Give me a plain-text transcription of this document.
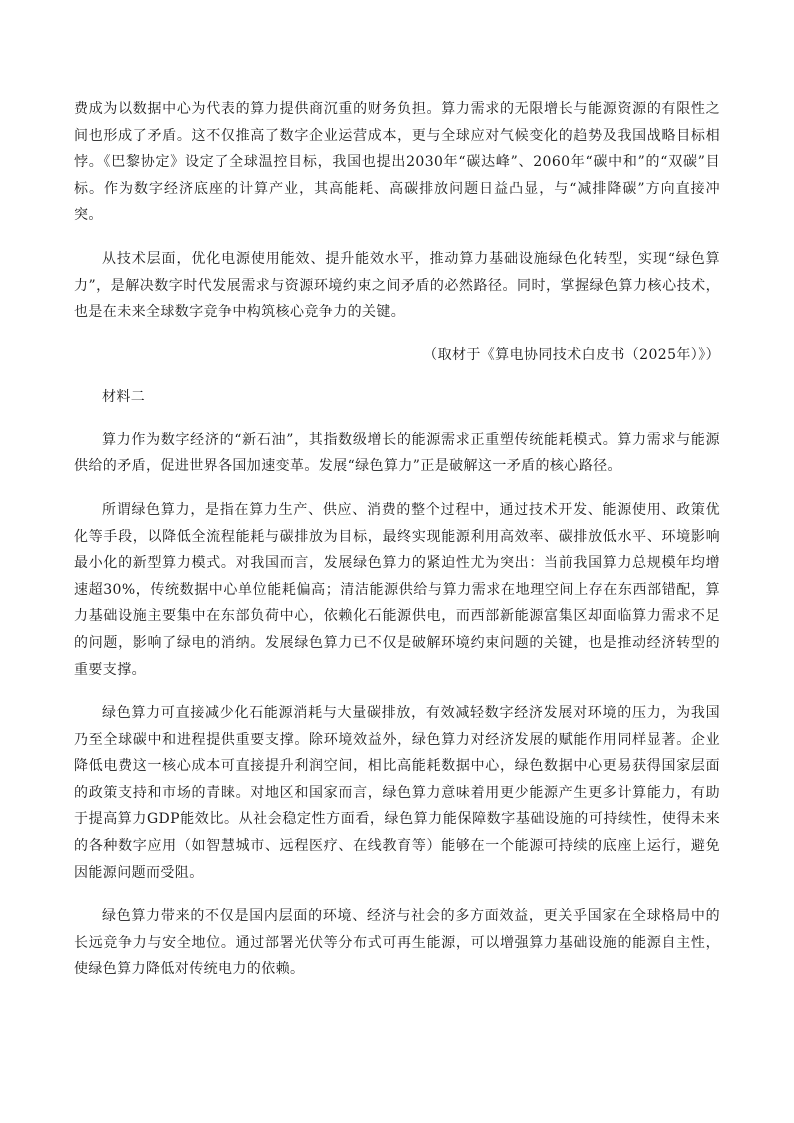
费成为以数据中心为代表的算力提供商沉重的财务负担。算力需求的无限增长与能源资源的有限性之间也形成了矛盾。这不仅推高了数字企业运营成本，更与全球应对气候变化的趋势及我国战略目标相悖。《巴黎协定》设定了全球温控目标，我国也提出2030年“碳达峰”、2060年“碳中和”的“双碳”目标。作为数字经济底座的计算产业，其高能耗、高碳排放问题日益凸显，与“减排降碳”方向直接冲突。

从技术层面，优化电源使用能效、提升能效水平，推动算力基础设施绿色化转型，实现“绿色算力”，是解决数字时代发展需求与资源环境约束之间矛盾的必然路径。同时，掌握绿色算力核心技术，也是在未来全球数字竞争中构筑核心竞争力的关键。

（取材于《算电协同技术白皮书（2025年）》）

材料二

算力作为数字经济的“新石油”，其指数级增长的能源需求正重塑传统能耗模式。算力需求与能源供给的矛盾，促进世界各国加速变革。发展“绿色算力”正是破解这一矛盾的核心路径。

所谓绿色算力，是指在算力生产、供应、消费的整个过程中，通过技术开发、能源使用、政策优化等手段，以降低全流程能耗与碳排放为目标，最终实现能源利用高效率、碳排放低水平、环境影响最小化的新型算力模式。对我国而言，发展绿色算力的紧迫性尤为突出：当前我国算力总规模年均增速超30%，传统数据中心单位能耗偏高；清洁能源供给与算力需求在地理空间上存在东西部错配，算力基础设施主要集中在东部负荷中心，依赖化石能源供电，而西部新能源富集区却面临算力需求不足的问题，影响了绿电的消纳。发展绿色算力已不仅是破解环境约束问题的关键，也是推动经济转型的重要支撑。

绿色算力可直接减少化石能源消耗与大量碳排放，有效减轻数字经济发展对环境的压力，为我国乃至全球碳中和进程提供重要支撑。除环境效益外，绿色算力对经济发展的赋能作用同样显著。企业降低电费这一核心成本可直接提升利润空间，相比高能耗数据中心，绿色数据中心更易获得国家层面的政策支持和市场的青睐。对地区和国家而言，绿色算力意味着用更少能源产生更多计算能力，有助于提高算力GDP能效比。从社会稳定性方面看，绿色算力能保障数字基础设施的可持续性，使得未来的各种数字应用（如智慧城市、远程医疗、在线教育等）能够在一个能源可持续的底座上运行，避免因能源问题而受阻。

绿色算力带来的不仅是国内层面的环境、经济与社会的多方面效益，更关乎国家在全球格局中的长远竞争力与安全地位。通过部署光伏等分布式可再生能源，可以增强算力基础设施的能源自主性，使绿色算力降低对传统电力的依赖。
